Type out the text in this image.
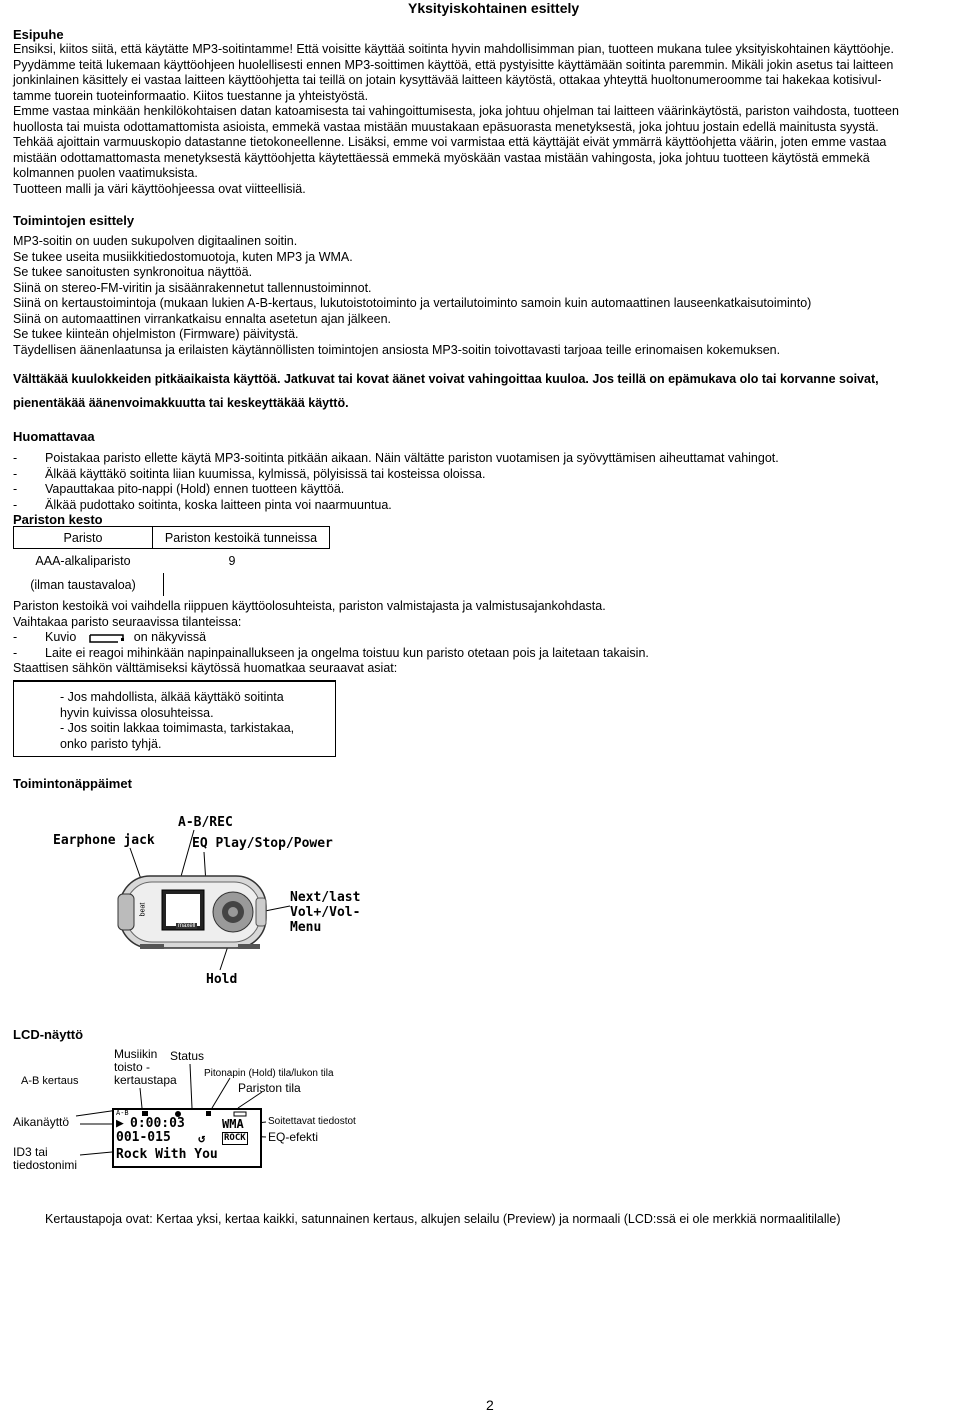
Yksityiskohtainen esittely
Esipuhe
Ensiksi, kiitos siitä, että käytätte MP3-soitintamme! Että voisitte käyttää soitinta hyvin mahdollisimman pian, tuotteen mukana tulee yksityiskohtainen käyttöohje.
Pyydämme teitä lukemaan käyttöohjeen huolellisesti ennen MP3-soittimen käyttöä, että pystyisitte käyttämään soitinta paremmin. Mikäli jokin asetus tai laitteen
jonkinlainen käsittely ei vastaa laitteen käyttöohjetta tai teillä on jotain kysyttävää laitteen käytöstä, ottakaa yhteyttä huoltonumeroomme tai hakekaa kotisivul-
tamme tuorein tuoteinformaatio. Kiitos tuestanne ja yhteistyöstä.
Emme vastaa minkään henkilökohtaisen datan katoamisesta tai vahingoittumisesta, joka johtuu ohjelman tai laitteen väärinkäytöstä, pariston vaihdosta, tuotteen
huollosta tai muista odottamattomista asioista, emmekä vastaa mistään muustakaan epäsuorasta menetyksestä, joka johtuu jostain edellä mainitusta syystä.
Tehkää ajoittain varmuuskopio datastanne tietokoneellenne. Lisäksi, emme voi varmistaa että käyttäjät eivät ymmärrä käyttöohjetta väärin, joten emme vastaa
mistään odottamattomasta menetyksestä käyttöohjetta käytettäessä emmekä myöskään vastaa mistään vahingosta, joka johtuu tuotteen käytöstä emmekä
kolmannen puolen vaatimuksista.
Tuotteen malli ja väri käyttöohjeessa ovat viitteellisiä.
Toimintojen esittely
MP3-soitin on uuden sukupolven digitaalinen soitin.
Se tukee useita musiikkitiedostomuotoja, kuten MP3 ja WMA.
Se tukee sanoitusten synkronoitua näyttöä.
Siinä on stereo-FM-viritin ja sisäänrakennetut tallennustoiminnot.
Siinä on kertaustoimintoja (mukaan lukien A-B-kertaus, lukutoistotoiminto ja vertailutoiminto samoin kuin automaattinen lauseenkatkaisutoiminto)
Siinä on automaattinen virrankatkaisu ennalta asetetun ajan jälkeen.
Se tukee kiinteän ohjelmiston (Firmware) päivitystä.
Täydellisen äänenlaatunsa ja erilaisten käytännöllisten toimintojen ansiosta MP3-soitin toivottavasti tarjoaa teille erinomaisen kokemuksen.
Välttäkää kuulokkeiden pitkäaikaista käyttöä. Jatkuvat tai kovat äänet voivat vahingoittaa kuuloa. Jos teillä on epämukava olo tai korvanne soivat,
pienentäkää äänenvoimakkuutta tai keskeyttäkää käyttö.
Huomattavaa
- Poistakaa paristo ellette käytä MP3-soitinta pitkään aikaan. Näin vältätte pariston vuotamisen ja syövyttämisen aiheuttamat vahingot.
- Älkää käyttäkö soitinta liian kuumissa, kylmissä, pölyisissä tai kosteissa oloissa.
- Vapauttakaa pito-nappi (Hold) ennen tuotteen käyttöä.
- Älkää pudottako soitinta, koska laitteen pinta voi naarmuuntua.
Pariston kesto
Paristo	Pariston kestoikä tunneissa
AAA-alkaliparisto	9
(ilman taustavaloa)	
Pariston kestoikä voi vaihdella riippuen käyttöolosuhteista, pariston valmistajasta ja valmistusajankohdasta.
Vaihtakaa paristo seuraavissa tilanteissa:
- Kuvio	on näkyvissä
- Laite ei reagoi mihinkään napinpainallukseen ja ongelma toistuu kun paristo otetaan pois ja laitetaan takaisin.
Staattisen sähkön välttämiseksi käytössä huomatkaa seuraavat asiat:
- Jos mahdollista, älkää käyttäkö soitinta
hyvin kuivissa olosuhteissa.
- Jos soitin lakkaa toimimasta, tarkistakaa,
onko paristo tyhjä.
Toimintonäppäimet
A-B/REC
Earphone jack	EQ Play/Stop/Power
Next/last
Vol+/Vol-
Menu
Hold
maxell
beat
LCD-näyttö
Musiikin
toisto -
kertaustapa
Status
A-B kertaus
Pitonapin (Hold) tila/lukon tila
Pariston tila
Aikanäyttö
ID3 tai
tiedostonimi
Soitettavat tiedostot
EQ-efekti
A-B
▶ 0:00:03	WMA
001-015 ↺ ROCK
Rock With You
Kertaustapoja ovat: Kertaa yksi, kertaa kaikki, satunnainen kertaus, alkujen selailu (Preview) ja normaali (LCD:ssä ei ole merkkiä normaalitilalle)
2
